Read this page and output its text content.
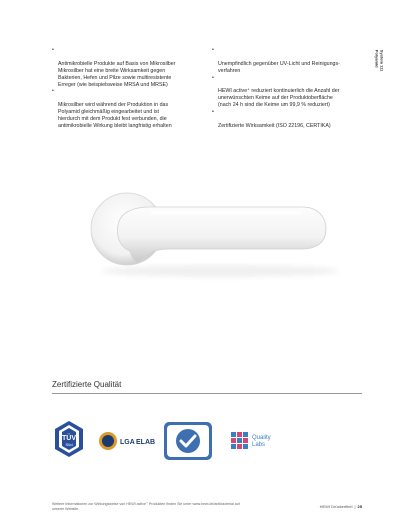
•

Antimikrobielle Produkte auf Basis von Mikrosilber
Mikrosilber hat eine breite Wirksamkeit gegen
Bakterien, Hefen und Pilze sowie multiresistente
Erreger (wie beispielsweise MRSA und MRSE)

•

Mikrosilber wird während der Produktion in das
Polyamid gleichmäßig eingearbeitet und ist
hierdurch mit dem Produkt fest verbunden, die
antimikrobielle Wirkung bleibt langfristig erhalten

•

Unempfindlich gegenüber UV-Licht und Reinigungs-
verfahren

•

HEWI active⁺ reduziert kontinuierlich die Anzahl der
unerwünschten Keime auf der Produktoberfläche
(nach 24 h sind die Keime um 99,9 % reduziert)

•

Zertifizierte Wirksamkeit (ISO 22196, CERTIKA)

System 111
Polyamid
Zertifizierte Qualität
TÜV
Süd	LGA ELAB
Quality
Labs
Weitere Informationen zur Wirkungsweise von HEWI active⁺ Produkten finden Sie unter www.hewi.de/antibacterial auf unserer Website.	HEWI Drückerfibel | 25
